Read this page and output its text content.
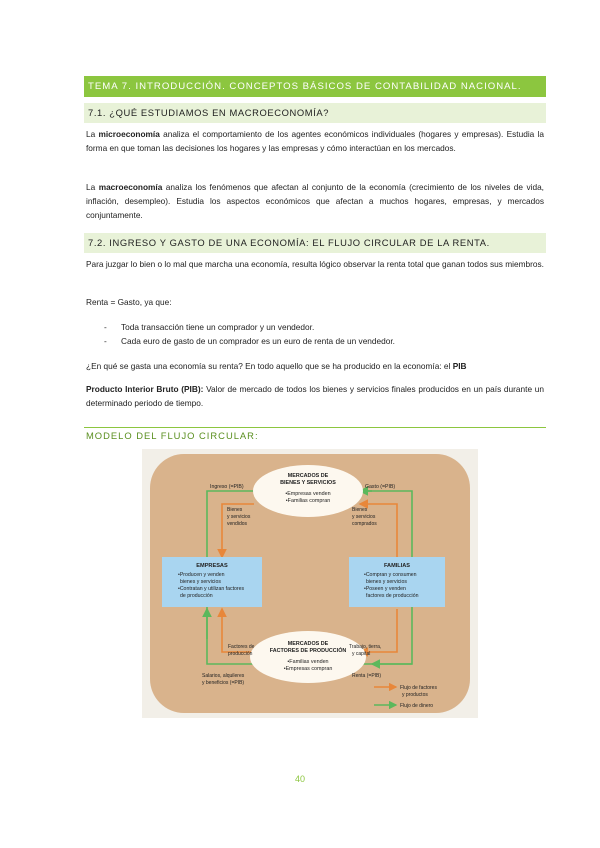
TEMA 7. INTRODUCCIÓN. CONCEPTOS BÁSICOS DE CONTABILIDAD NACIONAL.
7.1. ¿QUÉ ESTUDIAMOS EN MACROECONOMÍA?

La microeconomía analiza el comportamiento de los agentes económicos individuales (hogares y empresas). Estudia la forma en que toman las decisiones los hogares y las empresas y cómo interactúan en los mercados.

La macroeconomía analiza los fenómenos que afectan al conjunto de la economía (crecimiento de los niveles de vida, inflación, desempleo). Estudia los aspectos económicos que afectan a muchos hogares, empresas, y mercados conjuntamente.

7.2. INGRESO Y GASTO DE UNA ECONOMÍA: EL FLUJO CIRCULAR DE LA RENTA.

Para juzgar lo bien o lo mal que marcha una economía, resulta lógico observar la renta total que ganan todos sus miembros.

Renta = Gasto, ya que:

- Toda transacción tiene un comprador y un vendedor.
- Cada euro de gasto de un comprador es un euro de renta de un vendedor.

¿En qué se gasta una economía su renta? En todo aquello que se ha producido en la economía: el PIB

Producto Interior Bruto (PIB): Valor de mercado de todos los bienes y servicios finales producidos en un país durante un determinado periodo de tiempo.

MODELO DEL FLUJO CIRCULAR:
MERCADOS DE
BIENES Y SERVICIOS
•Empresas venden
•Familias compran
MERCADOS DE
FACTORES DE PRODUCCIÓN
•Familias venden
•Empresas compran
EMPRESAS
•Producen y venden
bienes y servicios
•Contratan y utilizan factores
de producción
FAMILIAS
•Compran y consumen
bienes y servicios
•Poseen y venden
factores de producción
Ingreso (=PIB)	Gasto (=PIB)
Bienes
y servicios
vendidos
Bienes
y servicios
comprados
Factores de
producción
Trabajo, tierra,
y capital
Salarios, alquileres
y beneficios (=PIB)
Renta (=PIB)
Flujo de factores
y productos
Flujo de dinero
40
